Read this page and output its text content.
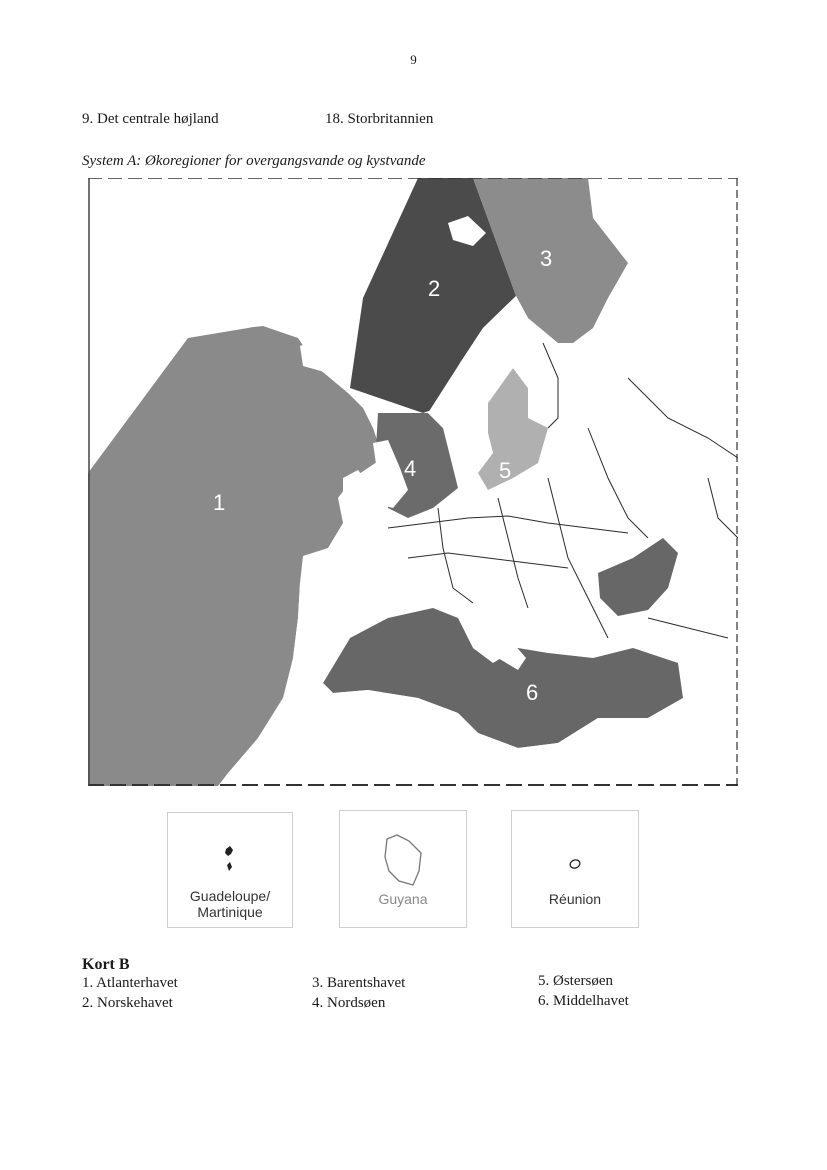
9
9. Det centrale højland	18. Storbritannien
System A: Økoregioner for overgangsvande og kystvande
1
2
3
4	5
6
Guadeloupe/
Martinique
Guyana	Réunion
Kort B
1. Atlanterhavet
2. Norskehavet
3. Barentshavet
4. Nordsøen
5. Østersøen
6. Middelhavet
